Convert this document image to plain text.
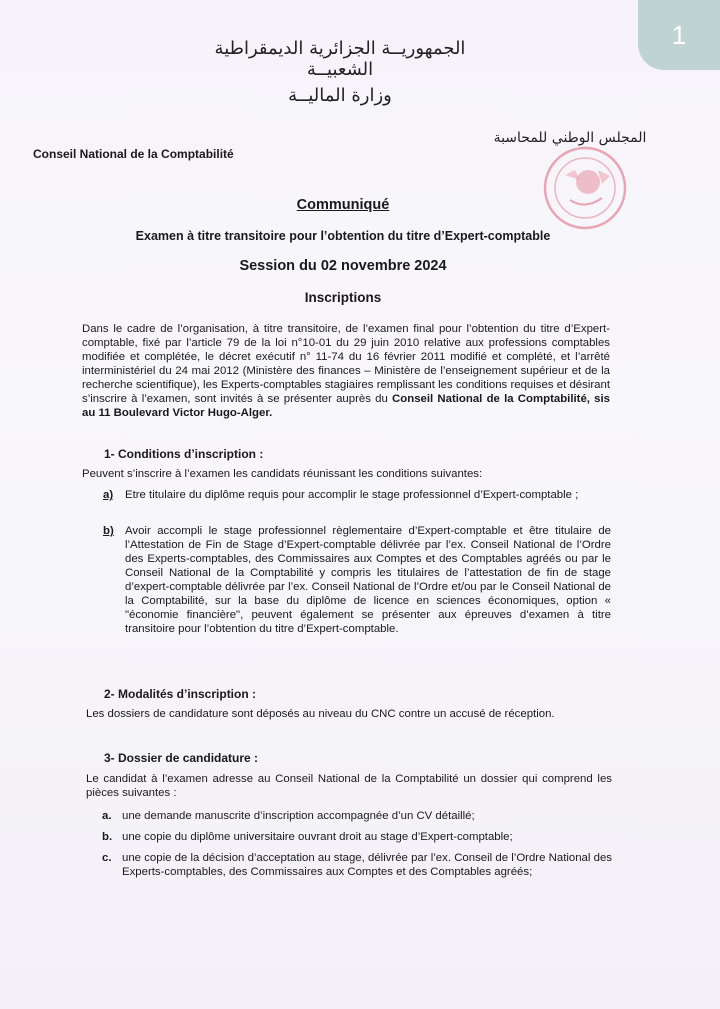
1
الجمهوريــة الجزائرية الديمقراطية الشعبيــة
وزارة الماليــة
المجلس الوطني للمحاسبة
Conseil National de la Comptabilité
Communiqué
Examen à titre transitoire pour l’obtention du titre d’Expert-comptable
Session du 02 novembre 2024
Inscriptions
Dans le cadre de l’organisation, à titre transitoire, de l’examen final pour l’obtention du titre d’Expert-comptable, fixé par l’article 79 de la loi n°10-01 du 29 juin 2010 relative aux professions comptables modifiée et complétée, le décret exécutif n° 11-74 du 16 février 2011 modifié et complété, et l’arrêté interministériel du 24 mai 2012 (Ministère des finances – Ministère de l’enseignement supérieur et de la recherche scientifique), les Experts-comptables stagiaires remplissant les conditions requises et désirant s’inscrire à l’examen, sont invités à se présenter auprès du Conseil National de la Comptabilité, sis au 11 Boulevard Victor Hugo-Alger.
1- Conditions d’inscription :
Peuvent s’inscrire à l’examen les candidats réunissant les conditions suivantes:
a) Etre titulaire du diplôme requis pour accomplir le stage professionnel d’Expert-comptable ;
b) Avoir accompli le stage professionnel règlementaire d’Expert-comptable et être titulaire de l’Attestation de Fin de Stage d’Expert-comptable délivrée par l’ex. Conseil National de l’Ordre des Experts-comptables, des Commissaires aux Comptes et des Comptables agréés ou par le Conseil National de la Comptabilité y compris les titulaires de l’attestation de fin de stage d’expert-comptable délivrée par l’ex. Conseil National de l’Ordre et/ou par le Conseil National de la Comptabilité, sur la base du diplôme de licence en sciences économiques, option « "économie financière", peuvent également se présenter aux épreuves d’examen à titre transitoire pour l’obtention du titre d’Expert-comptable.
2- Modalités d’inscription :
Les dossiers de candidature sont déposés au niveau du CNC contre un accusé de réception.
3- Dossier de candidature :
Le candidat à l’examen adresse au Conseil National de la Comptabilité un dossier qui comprend les pièces suivantes :
a. une demande manuscrite d’inscription accompagnée d’un CV détaillé;
b. une copie du diplôme universitaire ouvrant droit au stage d’Expert-comptable;
c. une copie de la décision d’acceptation au stage, délivrée par l’ex. Conseil de l’Ordre National des Experts-comptables, des Commissaires aux Comptes et des Comptables agréés;
